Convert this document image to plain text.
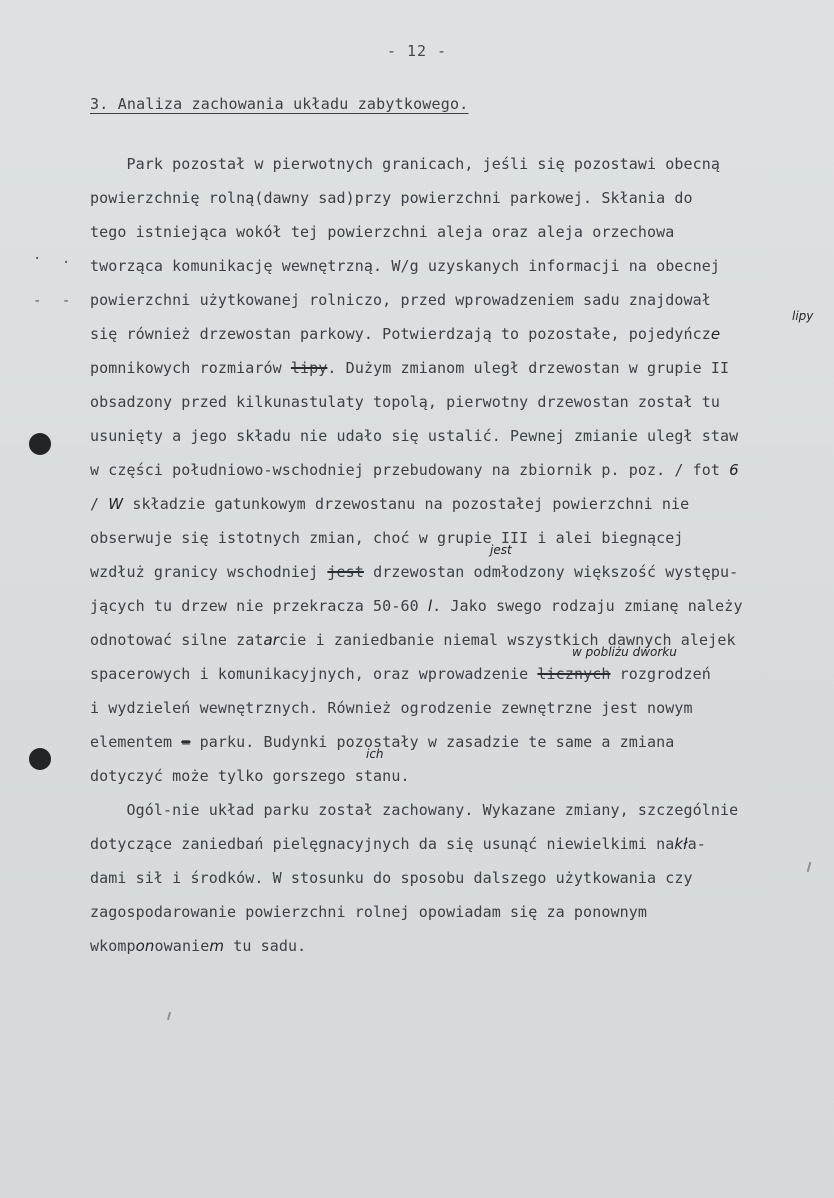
- 12 -
3. Analiza zachowania układu zabytkowego.
Park pozostał w pierwotnych granicach, jeśli się pozostawi obecną
powierzchnię rolną(dawny sad)przy powierzchni parkowej. Skłania do
tego istniejąca wokół tej powierzchni aleja oraz aleja orzechowa
tworząca komunikację wewnętrzną. W/g uzyskanych informacji na obecnej
powierzchni użytkowanej rolniczo, przed wprowadzeniem sadu znajdował
się również drzewostan parkowy. Potwierdzają to pozostałe, pojedyńcze
pomnikowych rozmiarów lipy. Dużym zmianom uległ drzewostan w grupie II
obsadzony przed kilkunastulaty topolą, pierwotny drzewostan został tu
usunięty a jego składu nie udało się ustalić. Pewnej zmianie uległ staw
w części południowo-wschodniej przebudowany na zbiornik p. poz. / fot 6
/ W składzie gatunkowym drzewostanu na pozostałej powierzchni nie
obserwuje się istotnych zmian, choć w grupie III i alei biegnącej
wzdłuż granicy wschodniej jest drzewostan odmłodzony większość występu-
jących tu drzew nie przekracza 50-60 l. Jako swego rodzaju zmianę należy
odnotować silne zatarcie i zaniedbanie niemal wszystkich dawnych alejek
spacerowych i komunikacyjnych, oraz wprowadzenie licznych rozgrodzeń
i wydzieleń wewnętrznych. Również ogrodzenie zewnętrzne jest nowym
elementem = parku. Budynki pozostały w zasadzie te same a zmiana
dotyczyć może tylko gorszego stanu.
Ogól-nie układ parku został zachowany. Wykazane zmiany, szczególnie
dotyczące zaniedbań pielęgnacyjnych da się usunąć niewielkimi nakła-
dami sił i środków. W stosunku do sposobu dalszego użytkowania czy
zagospodarowanie powierzchni rolnej opowiadam się za ponownym
wkomponowaniem tu sadu.
lipy
jest
w pobliżu dworku
ich
· .
- -
